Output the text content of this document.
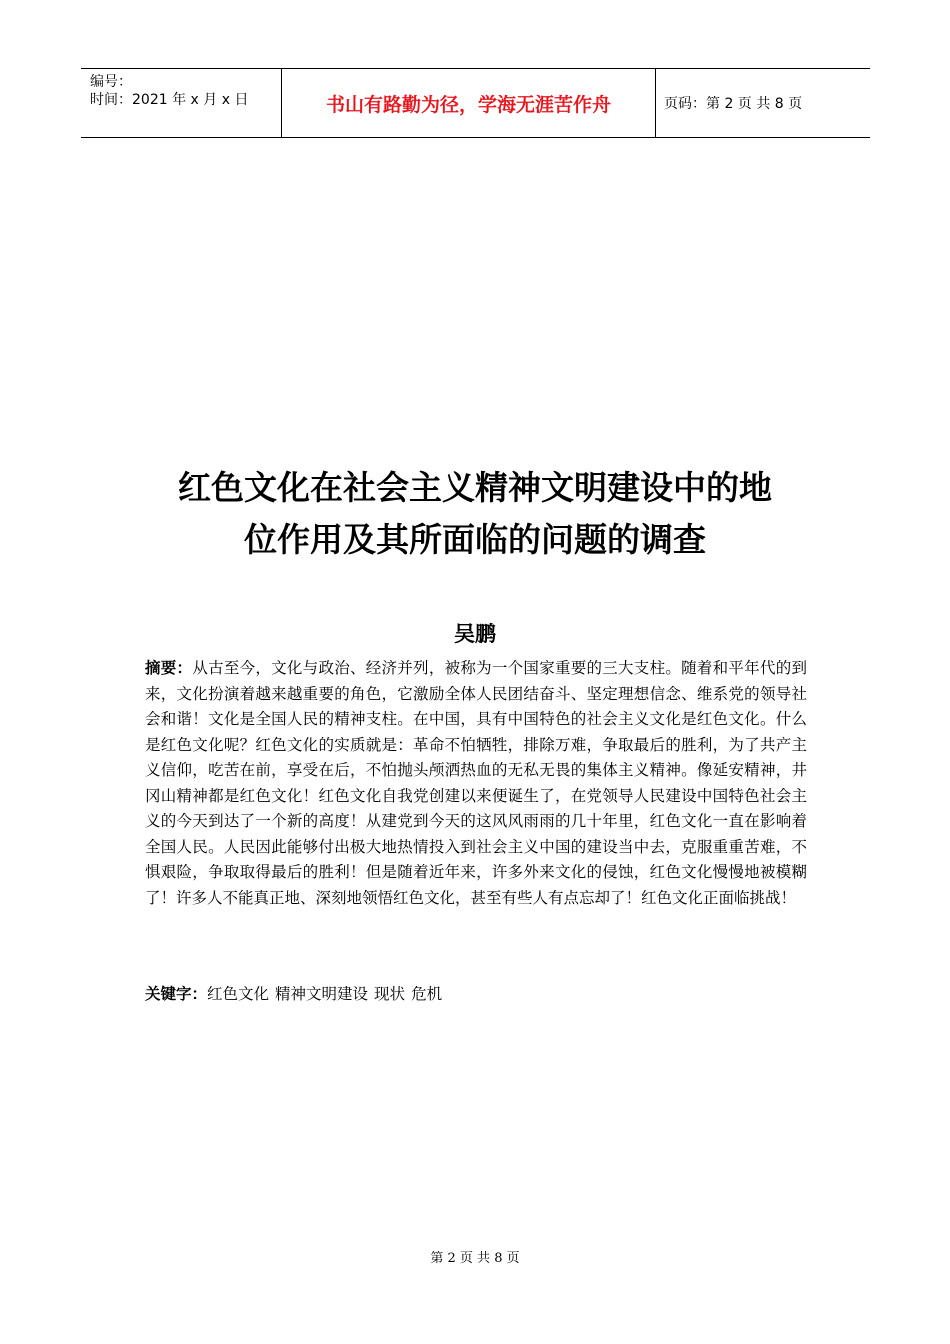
编号：
时间：2021 年 x 月 x 日	书山有路勤为径，学海无涯苦作舟	页码：第 2 页 共 8 页
红色文化在社会主义精神文明建设中的地
位作用及其所面临的问题的调查
吴鹏
摘要：从古至今，文化与政治、经济并列，被称为一个国家重要的三大支柱。随着和平年代的到来，文化扮演着越来越重要的角色，它激励全体人民团结奋斗、坚定理想信念、维系党的领导社会和谐！文化是全国人民的精神支柱。在中国，具有中国特色的社会主义文化是红色文化。什么是红色文化呢？红色文化的实质就是：革命不怕牺牲，排除万难，争取最后的胜利，为了共产主义信仰，吃苦在前，享受在后，不怕抛头颅洒热血的无私无畏的集体主义精神。像延安精神，井冈山精神都是红色文化！红色文化自我党创建以来便诞生了，在党领导人民建设中国特色社会主义的今天到达了一个新的高度！从建党到今天的这风风雨雨的几十年里，红色文化一直在影响着全国人民。人民因此能够付出极大地热情投入到社会主义中国的建设当中去，克服重重苦难，不惧艰险，争取取得最后的胜利！但是随着近年来，许多外来文化的侵蚀，红色文化慢慢地被模糊了！许多人不能真正地、深刻地领悟红色文化，甚至有些人有点忘却了！红色文化正面临挑战！
关键字：红色文化 精神文明建设 现状 危机
第 2 页 共 8 页
